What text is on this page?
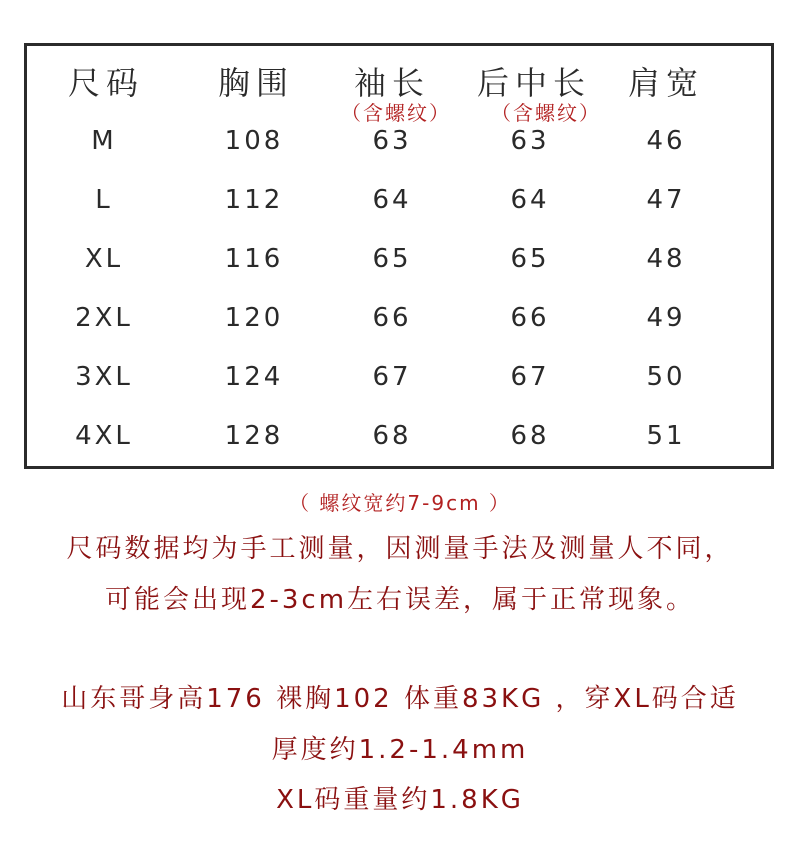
尺码 胸围 袖长 后中长 肩宽
（含螺纹） （含螺纹）
M	108	63	63	46
L	112	64	64	47
XL	116	65	65	48
2XL	120	66	66	49
3XL	124	67	67	50
4XL	128	68	68	51
（ 螺纹宽约7-9cm ）
尺码数据均为手工测量，因测量手法及测量人不同，
可能会出现2-3cm左右误差，属于正常现象。
山东哥身高176 裸胸102 体重83KG ，穿XL码合适
厚度约1.2-1.4mm
XL码重量约1.8KG
